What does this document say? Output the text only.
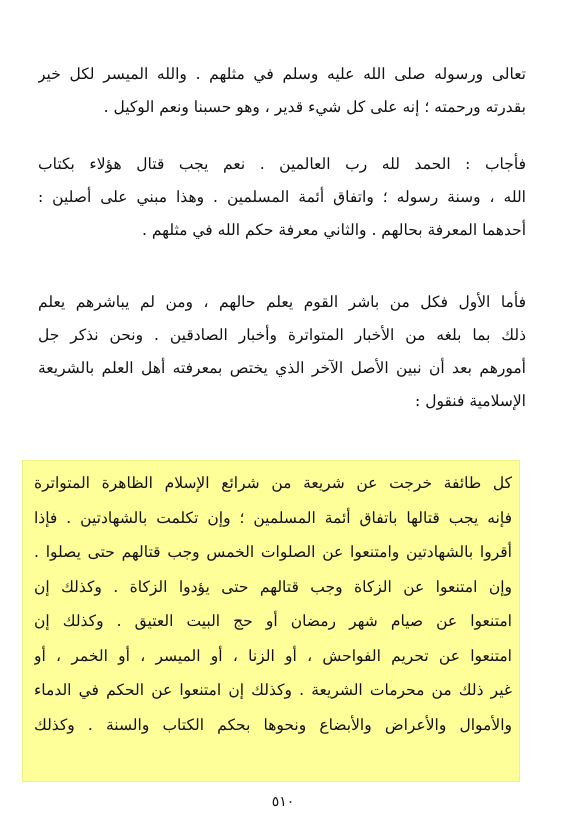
تعالى ورسوله صلى الله عليه وسلم في مثلهم . والله الميسر لكل خير
بقدرته ورحمته ؛ إنه على كل شيء قدير ، وهو حسبنا ونعم الوكيل .
فأجاب : الحمد لله رب العالمين . نعم يجب قتال هؤلاء بكتاب
الله ، وسنة رسوله ؛ واتفاق أئمة المسلمين . وهذا مبني على أصلين :
أحدهما المعرفة بحالهم . والثاني معرفة حكم الله في مثلهم .
فأما الأول فكل من باشر القوم يعلم حالهم ، ومن لم يباشرهم يعلم
ذلك بما بلغه من الأخبار المتواترة وأخبار الصادقين . ونحن نذكر جل
أمورهم بعد أن نبين الأصل الآخر الذي يختص بمعرفته أهل العلم بالشريعة
الإسلامية فنقول :
كل طائفة خرجت عن شريعة من شرائع الإسلام الظاهرة المتواترة
فإنه يجب قتالها باتفاق أئمة المسلمين ؛ وإن تكلمت بالشهادتين . فإذا
أقروا بالشهادتين وامتنعوا عن الصلوات الخمس وجب قتالهم حتى يصلوا .
وإن امتنعوا عن الزكاة وجب قتالهم حتى يؤدوا الزكاة . وكذلك إن
امتنعوا عن صيام شهر رمضان أو حج البيت العتيق . وكذلك إن
امتنعوا عن تحريم الفواحش ، أو الزنا ، أو الميسر ، أو الخمر ، أو
غير ذلك من محرمات الشريعة . وكذلك إن امتنعوا عن الحكم في الدماء
والأموال والأعراض والأبضاع ونحوها بحكم الكتاب والسنة . وكذلك
٥١٠
